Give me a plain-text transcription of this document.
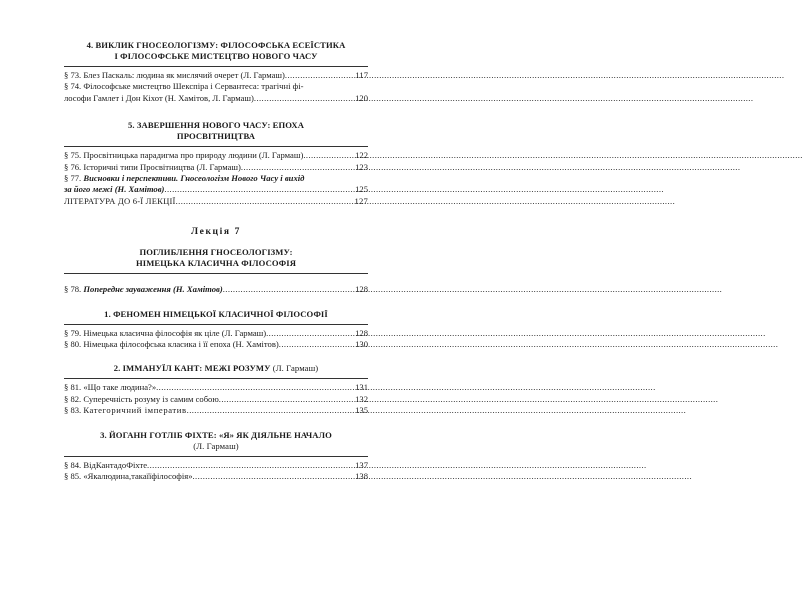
4. ВИКЛИК ГНОСЕОЛОГІЗМУ: ФІЛОСОФСЬКА ЕСЕЇСТИКА
І ФІЛОСОФСЬКЕ МИСТЕЦТВО НОВОГО ЧАСУ
§ 73. Блез Паскаль: людина як мислячий очерет (Л. Гармаш) .....	117
§ 74. Філософське мистецтво Шекспіра і Сервантеса: трагічні фі-
лософи Гамлет і Дон Кіхот (Н. Хамітов, Л. Гармаш) .....	120
5. ЗАВЕРШЕННЯ НОВОГО ЧАСУ: ЕПОХА
ПРОСВІТНИЦТВА
§ 75. Просвітницька парадигма про природу людини (Л. Гармаш) .....	122
§ 76. Історичні типи Просвітництва (Л. Гармаш) .....	123
§ 77. Висновки і перспективи. Гносеологізм Нового Часу і вихід
за його межі (Н. Хамітов) .....	125
ЛІТЕРАТУРА ДО 6-Ї ЛЕКЦІЇ .....	127
Лекція 7
ПОГЛИБЛЕННЯ ГНОСЕОЛОГІЗМУ:
НІМЕЦЬКА КЛАСИЧНА ФІЛОСОФІЯ
§ 78. Попереднє зауваження (Н. Хамітов) .....	128
1. ФЕНОМЕН НІМЕЦЬКОЇ КЛАСИЧНОЇ ФІЛОСОФІЇ
§ 79. Німецька класична філософія як ціле (Л. Гармаш) .....	128
§ 80. Німецька філософська класика і її епоха (Н. Хамітов) .....	130
2. ІММАНУЇЛ КАНТ: МЕЖІ РОЗУМУ (Л. Гармаш)
§ 81. «Що таке людина?» .....	131
§ 82. Суперечність розуму із самим собою .....	132
§ 83. Категоричний імператив .....	135
3. ЙОГАНН ГОТЛІБ ФІХТЕ: «Я» ЯК ДІЯЛЬНЕ НАЧАЛО
(Л. Гармаш)
§ 84. ВідКантадоФіхте .....	137
§ 85. «Якалюдина,такаїїфілософія» .....	138
